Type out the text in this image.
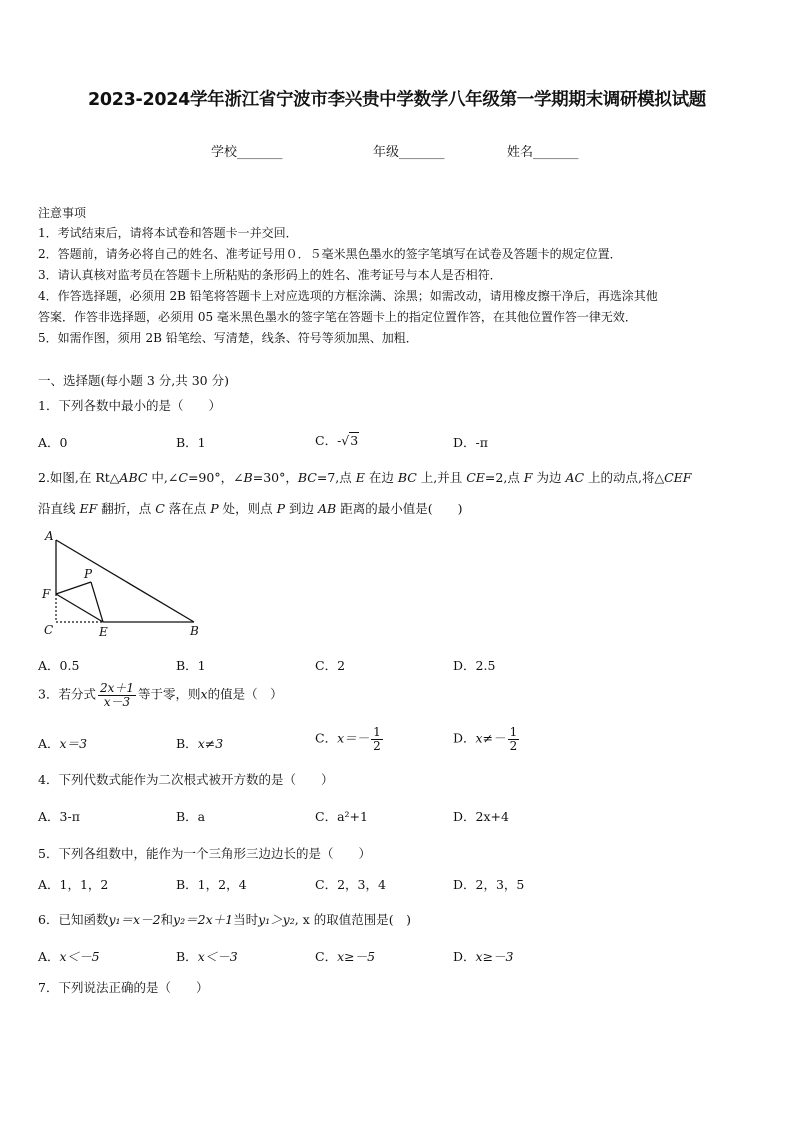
2023-2024学年浙江省宁波市李兴贵中学数学八年级第一学期期末调研模拟试题
学校_______	年级_______	姓名_______
注意事项
1．考试结束后，请将本试卷和答题卡一并交回．
2．答题前，请务必将自己的姓名、准考证号用０．５毫米黑色墨水的签字笔填写在试卷及答题卡的规定位置．
3．请认真核对监考员在答题卡上所粘贴的条形码上的姓名、准考证号与本人是否相符．
4．作答选择题，必须用 2B 铅笔将答题卡上对应选项的方框涂满、涂黑；如需改动，请用橡皮擦干净后，再选涂其他
答案．作答非选择题，必须用 05 毫米黑色墨水的签字笔在答题卡上的指定位置作答，在其他位置作答一律无效．
5．如需作图，须用 2B 铅笔绘、写清楚，线条、符号等须加黑、加粗．
一、选择题(每小题 3 分,共 30 分)
1．下列各数中最小的是（　　）
A．0	B．1	C．-√3	D．-π
2.如图,在 Rt△ABC 中,∠C=90°，∠B=30°，BC=7,点 E 在边 BC 上,并且 CE=2,点 F 为边 AC 上的动点,将△CEF
沿直线 EF 翻折，点 C 落在点 P 处，则点 P 到边 AB 距离的最小值是(　　)
A
P
F
C	E	B
A．0.5	B．1	C．2	D．2.5
3．若分式 $\frac{2x+1}{x-3}$ 等于零，则x的值是（　）
A．x＝3	B．x≠3	C．$x=- \frac{1}{2}$	D．$x\ne- \frac{1}{2}$
4．下列代数式能作为二次根式被开方数的是（　　）
A．3-π	B．a	C．a²+1	D．2x+4
5．下列各组数中，能作为一个三角形三边边长的是（　　）
A．1，1，2	B．1，2，4	C．2，3，4	D．2，3，5
6．已知函数y₁＝x－2和y₂＝2x＋1当时y₁＞y₂, x 的取值范围是(　)
A．x＜－5	B．x＜－3	C．x≥－5	D．x≥－3
7．下列说法正确的是（　　）
